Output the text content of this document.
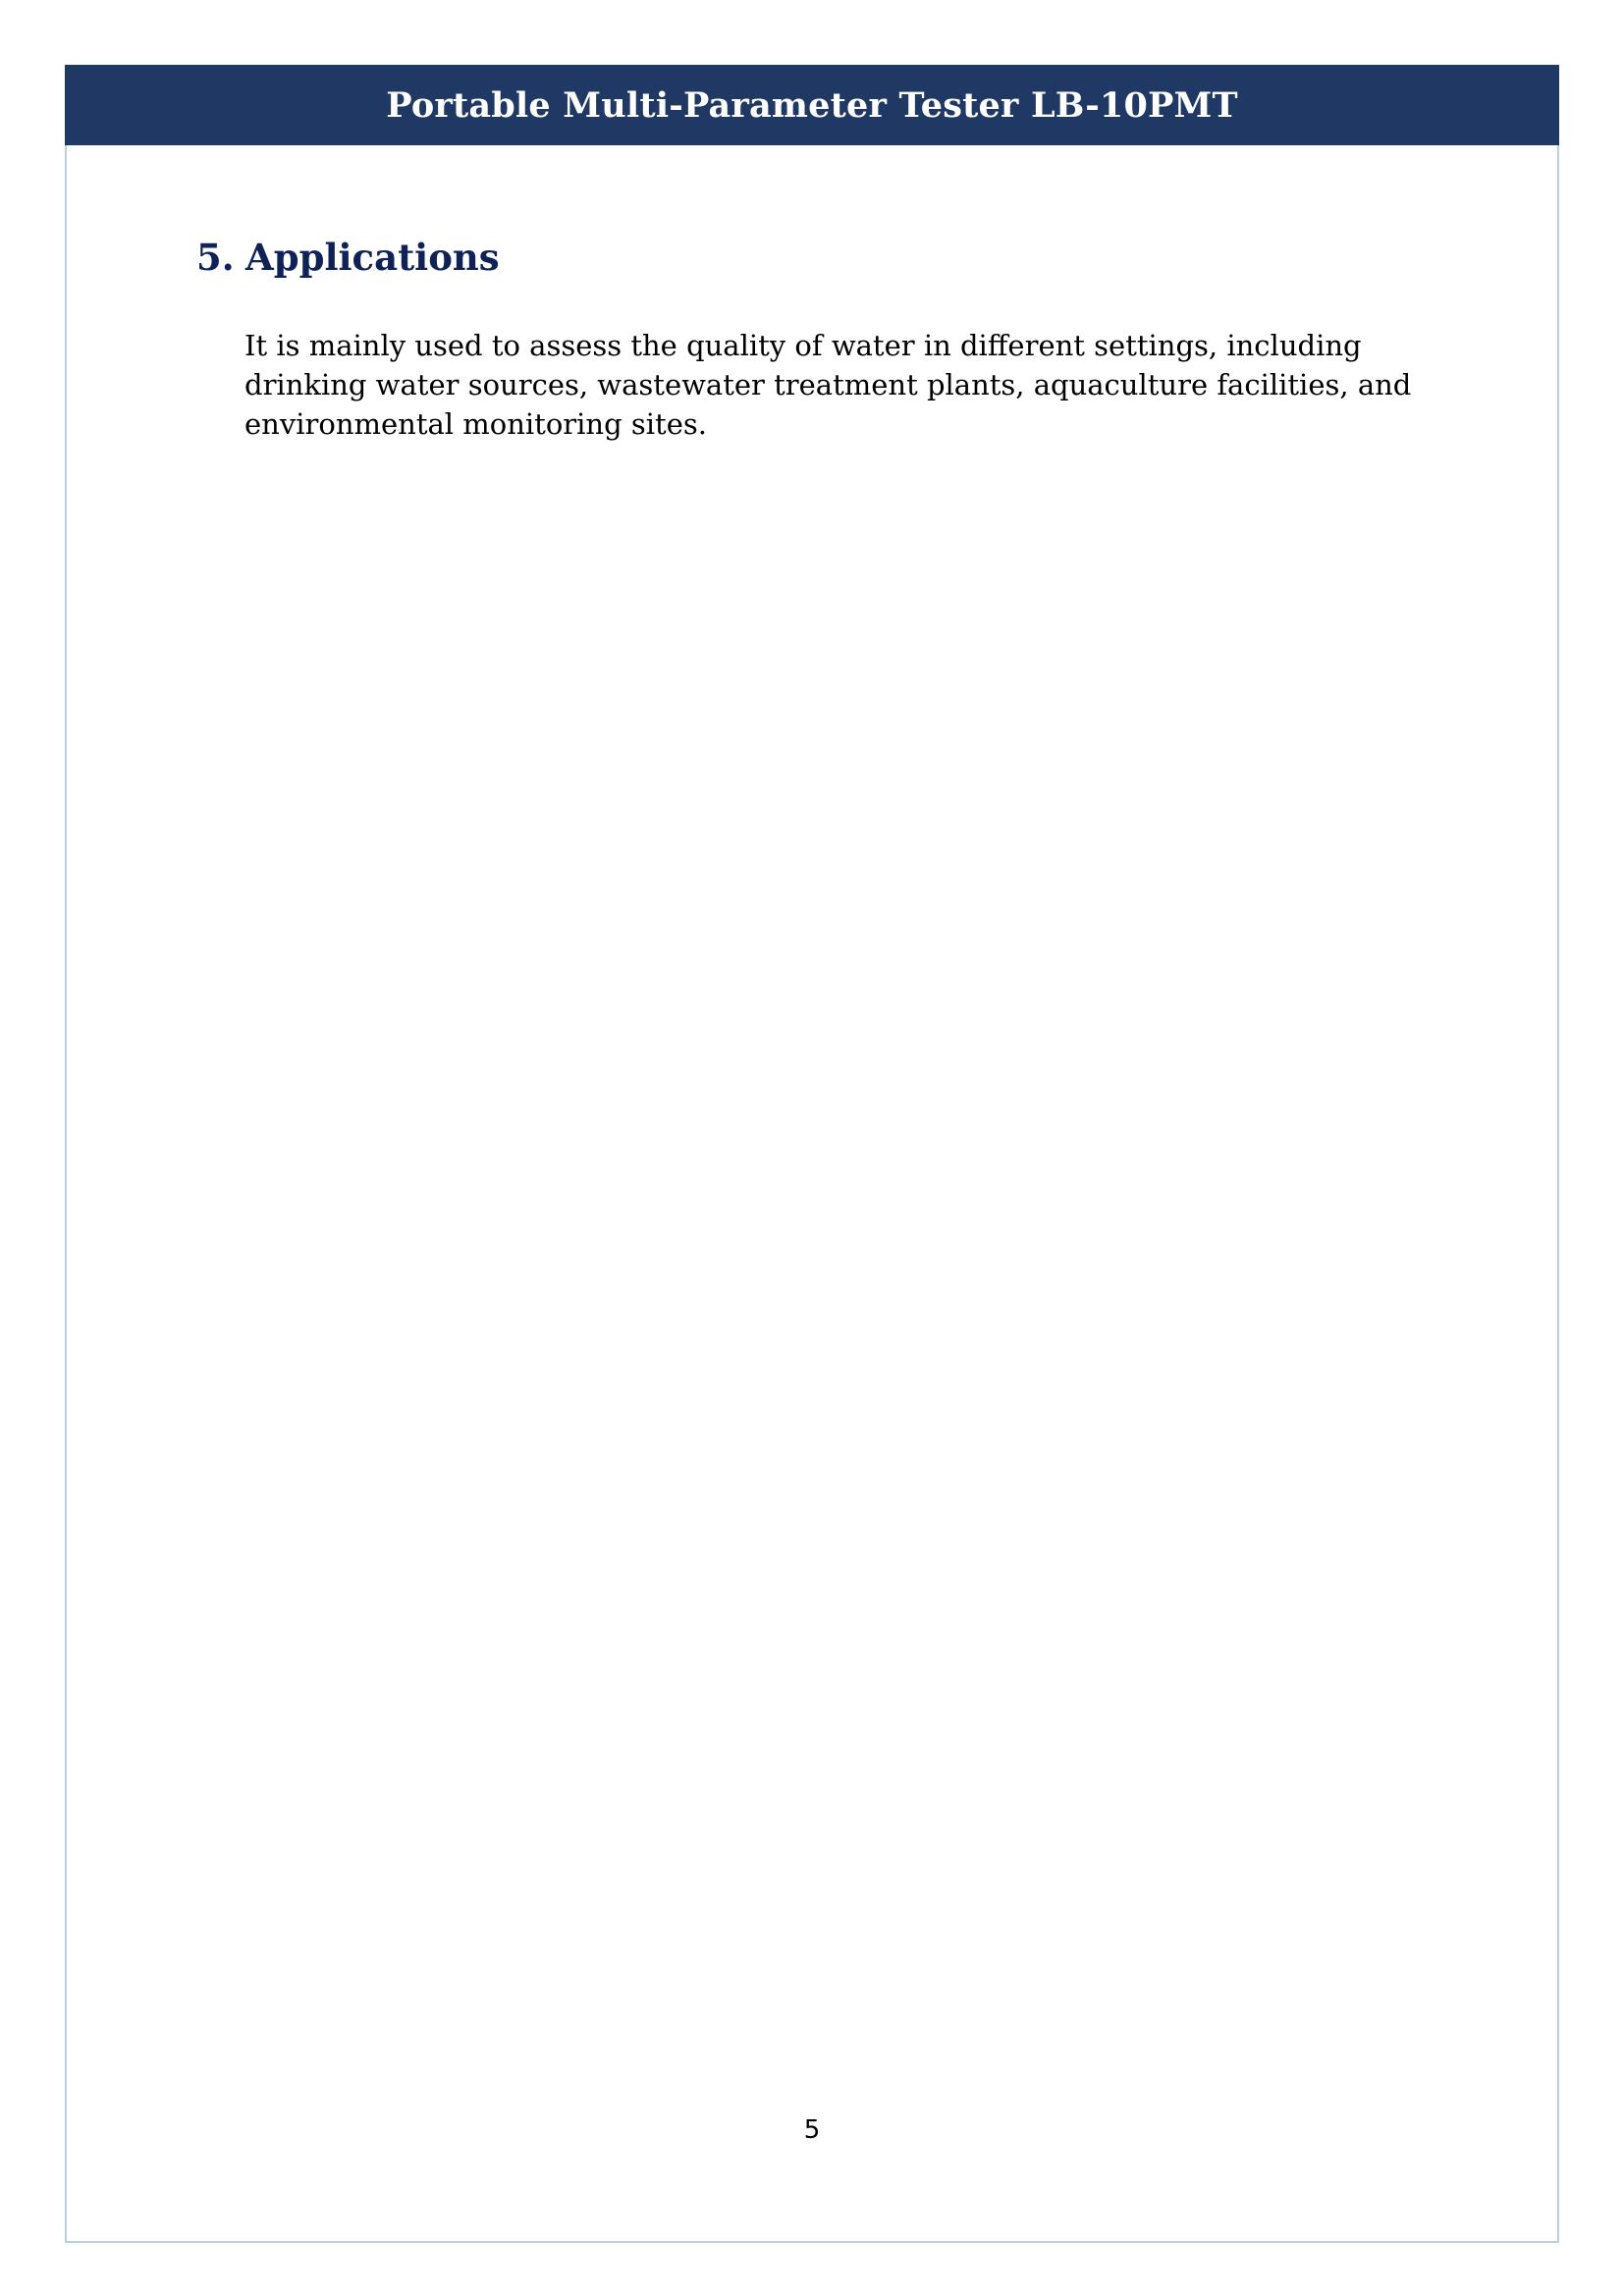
Portable Multi-Parameter Tester LB-10PMT
5. Applications

It is mainly used to assess the quality of water in different settings, including drinking water sources, wastewater treatment plants, aquaculture facilities, and environmental monitoring sites.

5
